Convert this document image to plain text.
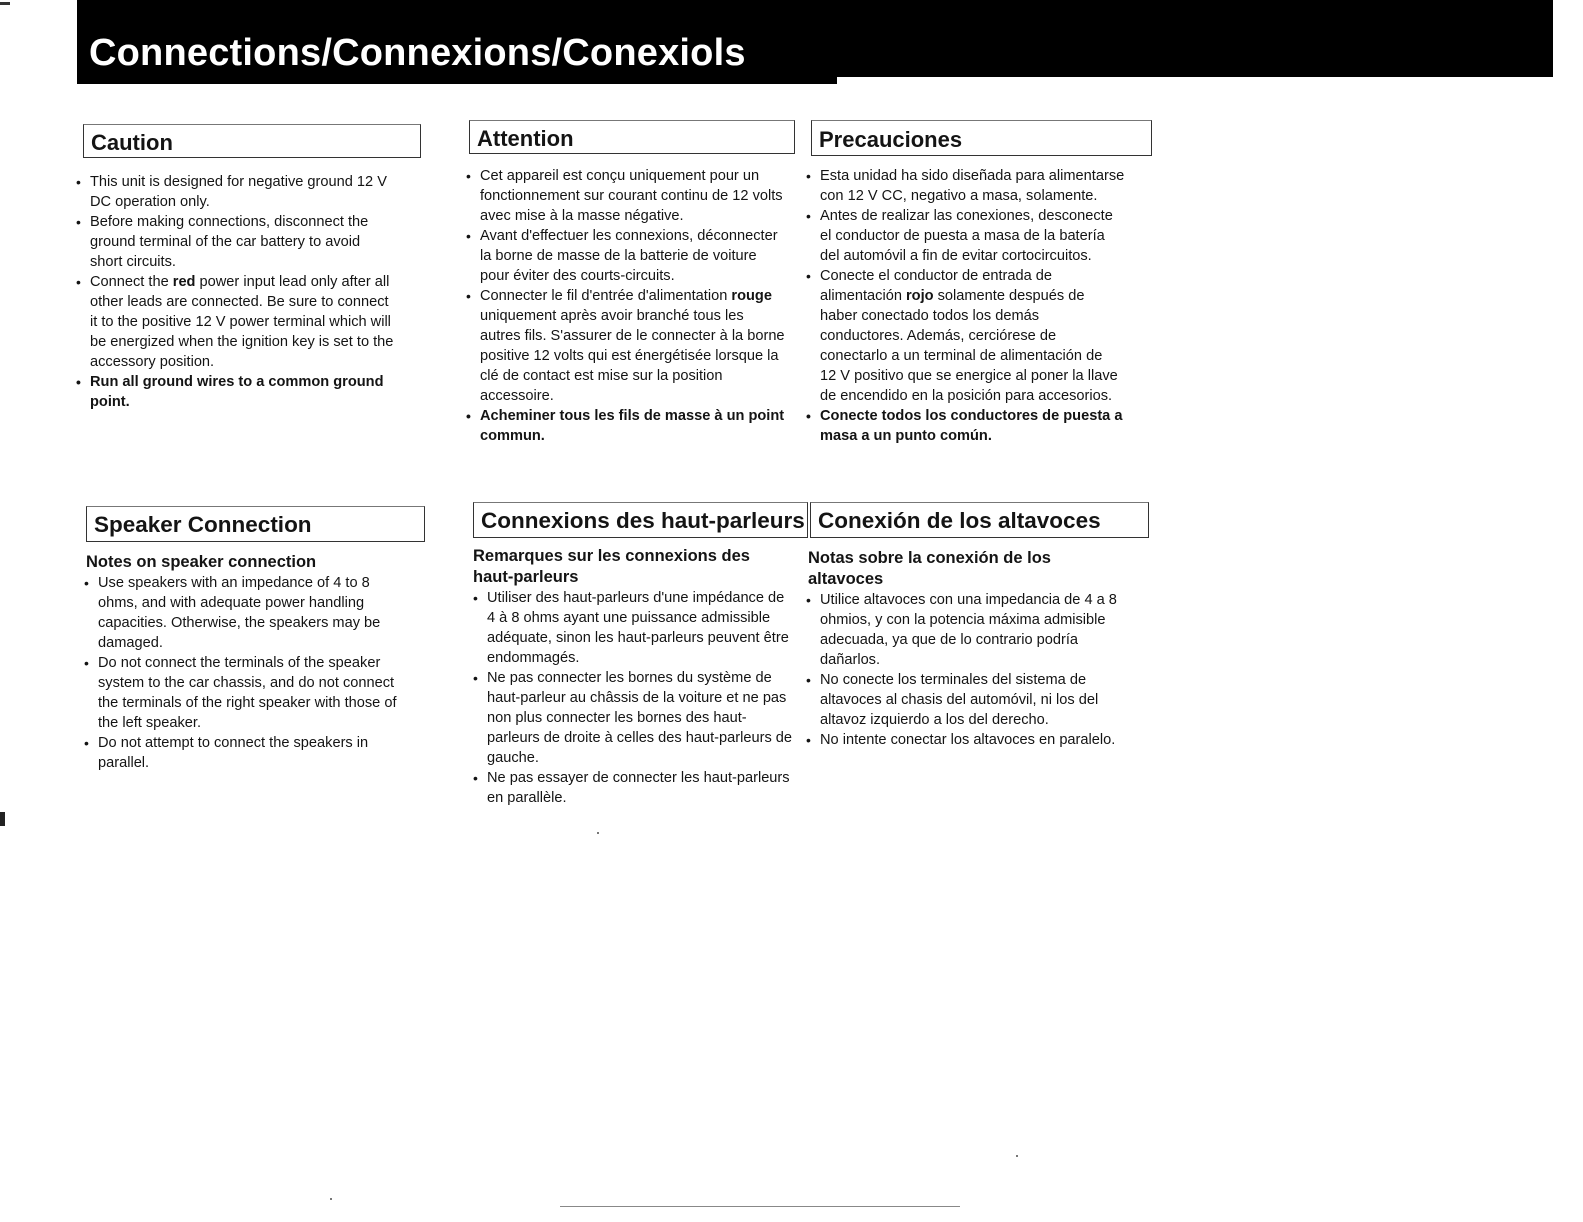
Connections/Connexions/Conexiols
Caution
• This unit is designed for negative ground 12 V
DC operation only.
• Before making connections, disconnect the
ground terminal of the car battery to avoid
short circuits.
• Connect the red power input lead only after all
other leads are connected. Be sure to connect
it to the positive 12 V power terminal which will
be energized when the ignition key is set to the
accessory position.
• Run all ground wires to a common ground
point.
Attention
• Cet appareil est conçu uniquement pour un
fonctionnement sur courant continu de 12 volts
avec mise à la masse négative.
• Avant d'effectuer les connexions, déconnecter
la borne de masse de la batterie de voiture
pour éviter des courts-circuits.
• Connecter le fil d'entrée d'alimentation rouge
uniquement après avoir branché tous les
autres fils. S'assurer de le connecter à la borne
positive 12 volts qui est énergétisée lorsque la
clé de contact est mise sur la position
accessoire.
• Acheminer tous les fils de masse à un point
commun.
Precauciones
• Esta unidad ha sido diseñada para alimentarse
con 12 V CC, negativo a masa, solamente.
• Antes de realizar las conexiones, desconecte
el conductor de puesta a masa de la batería
del automóvil a fin de evitar cortocircuitos.
• Conecte el conductor de entrada de
alimentación rojo solamente después de
haber conectado todos los demás
conductores. Además, cerciórese de
conectarlo a un terminal de alimentación de
12 V positivo que se energice al poner la llave
de encendido en la posición para accesorios.
• Conecte todos los conductores de puesta a
masa a un punto común.
Speaker Connection

Notes on speaker connection

• Use speakers with an impedance of 4 to 8
ohms, and with adequate power handling
capacities. Otherwise, the speakers may be
damaged.
• Do not connect the terminals of the speaker
system to the car chassis, and do not connect
the terminals of the right speaker with those of
the left speaker.
• Do not attempt to connect the speakers in
parallel.
Connexions des haut-parleurs

Remarques sur les connexions des

haut-parleurs

• Utiliser des haut-parleurs d'une impédance de
4 à 8 ohms ayant une puissance admissible
adéquate, sinon les haut-parleurs peuvent être
endommagés.
• Ne pas connecter les bornes du système de
haut-parleur au châssis de la voiture et ne pas
non plus connecter les bornes des haut-
parleurs de droite à celles des haut-parleurs de
gauche.
• Ne pas essayer de connecter les haut-parleurs
en parallèle.
Conexión de los altavoces

Notas sobre la conexión de los

altavoces

• Utilice altavoces con una impedancia de 4 a 8
ohmios, y con la potencia máxima admisible
adecuada, ya que de lo contrario podría
dañarlos.
• No conecte los terminales del sistema de
altavoces al chasis del automóvil, ni los del
altavoz izquierdo a los del derecho.
• No intente conectar los altavoces en paralelo.
